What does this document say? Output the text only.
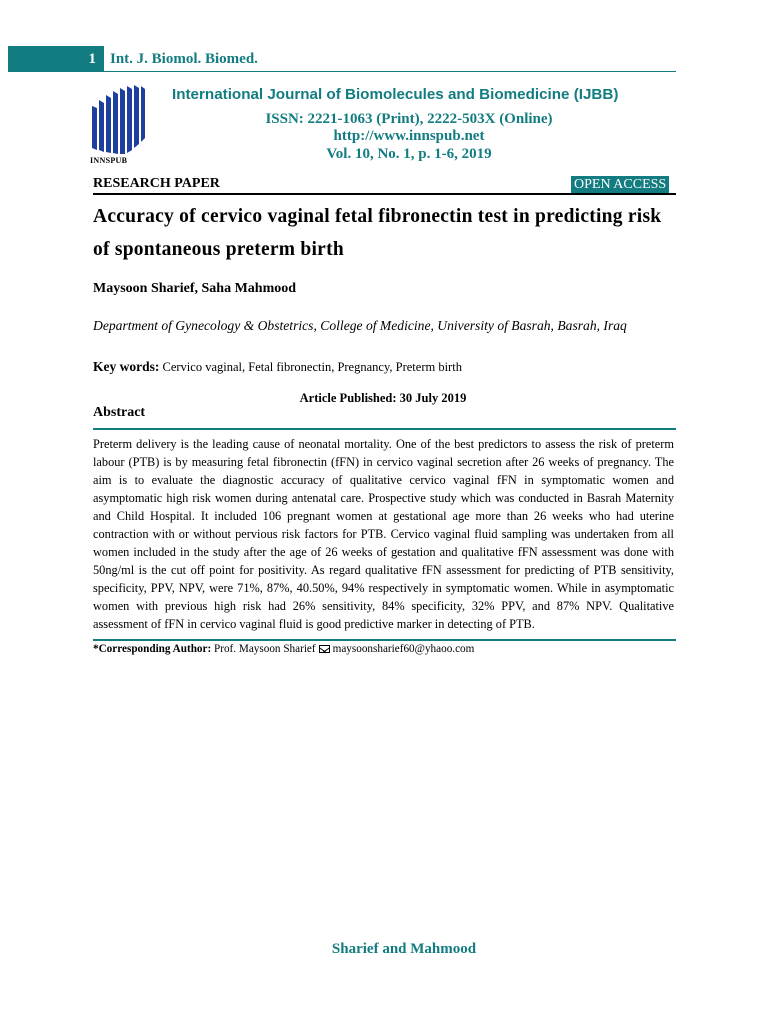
1 Int. J. Biomol. Biomed.
INNSPUB
International Journal of Biomolecules and Biomedicine (IJBB)
ISSN: 2221-1063 (Print), 2222-503X (Online)
http://www.innspub.net
Vol. 10, No. 1, p. 1-6, 2019
RESEARCH PAPER	OPEN ACCESS
Accuracy of cervico vaginal fetal fibronectin test in predicting risk of spontaneous preterm birth
Maysoon Sharief, Saha Mahmood
Department of Gynecology & Obstetrics, College of Medicine, University of Basrah, Basrah, Iraq
Key words: Cervico vaginal, Fetal fibronectin, Pregnancy, Preterm birth
Article Published: 30 July 2019
Abstract
Preterm delivery is the leading cause of neonatal mortality. One of the best predictors to assess the risk of preterm labour (PTB) is by measuring fetal fibronectin (fFN) in cervico vaginal secretion after 26 weeks of pregnancy. The aim is to evaluate the diagnostic accuracy of qualitative cervico vaginal fFN in symptomatic women and asymptomatic high risk women during antenatal care. Prospective study which was conducted in Basrah Maternity and Child Hospital. It included 106 pregnant women at gestational age more than 26 weeks who had uterine contraction with or without pervious risk factors for PTB. Cervico vaginal fluid sampling was undertaken from all women included in the study after the age of 26 weeks of gestation and qualitative fFN assessment was done with 50ng/ml is the cut off point for positivity. As regard qualitative fFN assessment for predicting of PTB sensitivity, specificity, PPV, NPV, were 71%, 87%, 40.50%, 94% respectively in symptomatic women. While in asymptomatic women with previous high risk had 26% sensitivity, 84% specificity, 32% PPV, and 87% NPV. Qualitative assessment of fFN in cervico vaginal fluid is good predictive marker in detecting of PTB.
*Corresponding Author: Prof. Maysoon Sharief maysoonsharief60@yhaoo.com
Sharief and Mahmood
